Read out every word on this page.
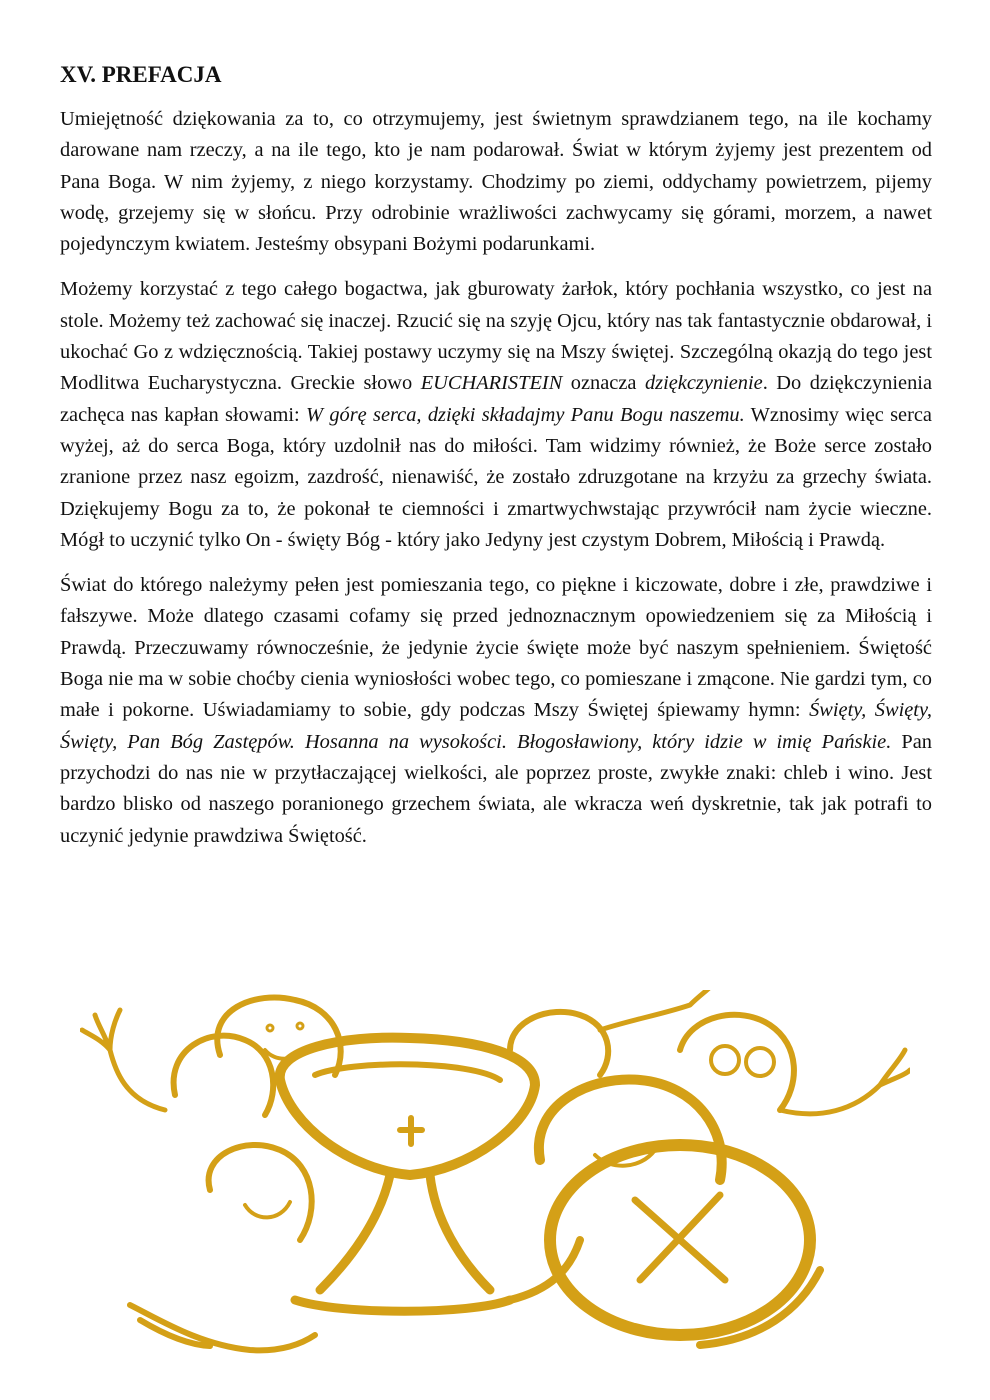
XV. PREFACJA

Umiejętność dziękowania za to, co otrzymujemy, jest świetnym sprawdzianem tego, na ile kochamy darowane nam rzeczy, a na ile tego, kto je nam podarował. Świat w którym żyjemy jest prezentem od Pana Boga. W nim żyjemy, z niego korzystamy. Chodzimy po ziemi, oddychamy powietrzem, pijemy wodę, grzejemy się w słońcu. Przy odrobinie wrażliwości zachwycamy się górami, morzem, a nawet pojedynczym kwiatem. Jesteśmy obsypani Bożymi podarunkami.

Możemy korzystać z tego całego bogactwa, jak gburowaty żarłok, który pochłania wszystko, co jest na stole. Możemy też zachować się inaczej. Rzucić się na szyję Ojcu, który nas tak fantastycznie obdarował, i ukochać Go z wdzięcznością. Takiej postawy uczymy się na Mszy świętej. Szczególną okazją do tego jest Modlitwa Eucharystyczna. Greckie słowo EUCHARISTEIN oznacza dziękczynienie. Do dziękczynienia zachęca nas kapłan słowami: W górę serca, dzięki składajmy Panu Bogu naszemu. Wznosimy więc serca wyżej, aż do serca Boga, który uzdolnił nas do miłości. Tam widzimy również, że Boże serce zostało zranione przez nasz egoizm, zazdrość, nienawiść, że zostało zdruzgotane na krzyżu za grzechy świata. Dziękujemy Bogu za to, że pokonał te ciemności i zmartwychwstając przywrócił nam życie wieczne. Mógł to uczynić tylko On - święty Bóg - który jako Jedyny jest czystym Dobrem, Miłością i Prawdą.

Świat do którego należymy pełen jest pomieszania tego, co piękne i kiczowate, dobre i złe, prawdziwe i fałszywe. Może dlatego czasami cofamy się przed jednoznacznym opowiedzeniem się za Miłością i Prawdą. Przeczuwamy równocześnie, że jedynie życie święte może być naszym spełnieniem. Świętość Boga nie ma w sobie choćby cienia wyniosłości wobec tego, co pomieszane i zmącone. Nie gardzi tym, co małe i pokorne. Uświadamiamy to sobie, gdy podczas Mszy Świętej śpiewamy hymn: Święty, Święty, Święty, Pan Bóg Zastępów. Hosanna na wysokości. Błogosławiony, który idzie w imię Pańskie. Pan przychodzi do nas nie w przytłaczającej wielkości, ale poprzez proste, zwykłe znaki: chleb i wino. Jest bardzo blisko od naszego poranionego grzechem świata, ale wkracza weń dyskretnie, tak jak potrafi to uczynić jedynie prawdziwa Świętość.
